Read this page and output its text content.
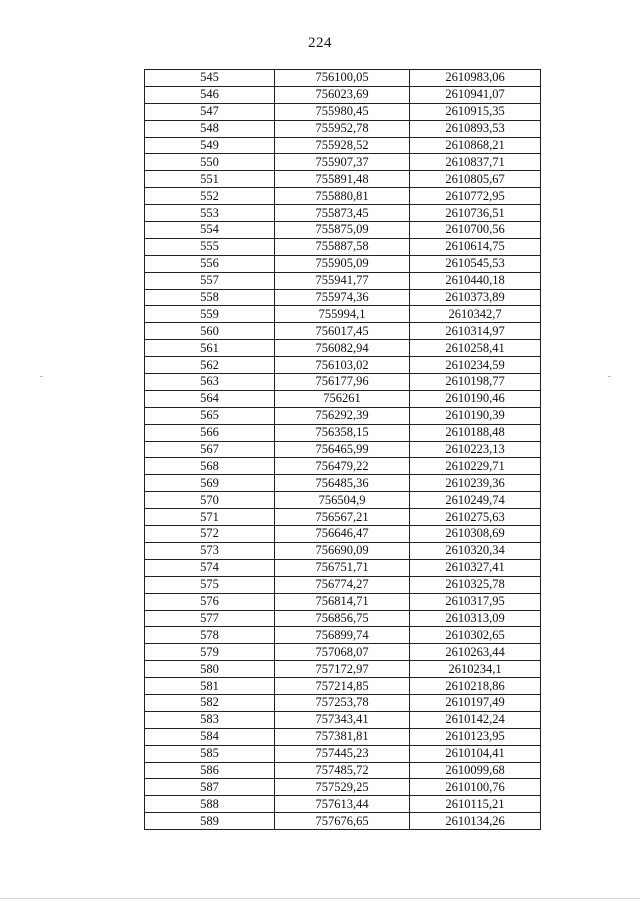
224
545	756100,05	2610983,06
546	756023,69	2610941,07
547	755980,45	2610915,35
548	755952,78	2610893,53
549	755928,52	2610868,21
550	755907,37	2610837,71
551	755891,48	2610805,67
552	755880,81	2610772,95
553	755873,45	2610736,51
554	755875,09	2610700,56
555	755887,58	2610614,75
556	755905,09	2610545,53
557	755941,77	2610440,18
558	755974,36	2610373,89
559	755994,1	2610342,7
560	756017,45	2610314,97
561	756082,94	2610258,41
562	756103,02	2610234,59
563	756177,96	2610198,77
564	756261	2610190,46
565	756292,39	2610190,39
566	756358,15	2610188,48
567	756465,99	2610223,13
568	756479,22	2610229,71
569	756485,36	2610239,36
570	756504,9	2610249,74
571	756567,21	2610275,63
572	756646,47	2610308,69
573	756690,09	2610320,34
574	756751,71	2610327,41
575	756774,27	2610325,78
576	756814,71	2610317,95
577	756856,75	2610313,09
578	756899,74	2610302,65
579	757068,07	2610263,44
580	757172,97	2610234,1
581	757214,85	2610218,86
582	757253,78	2610197,49
583	757343,41	2610142,24
584	757381,81	2610123,95
585	757445,23	2610104,41
586	757485,72	2610099,68
587	757529,25	2610100,76
588	757613,44	2610115,21
589	757676,65	2610134,26
